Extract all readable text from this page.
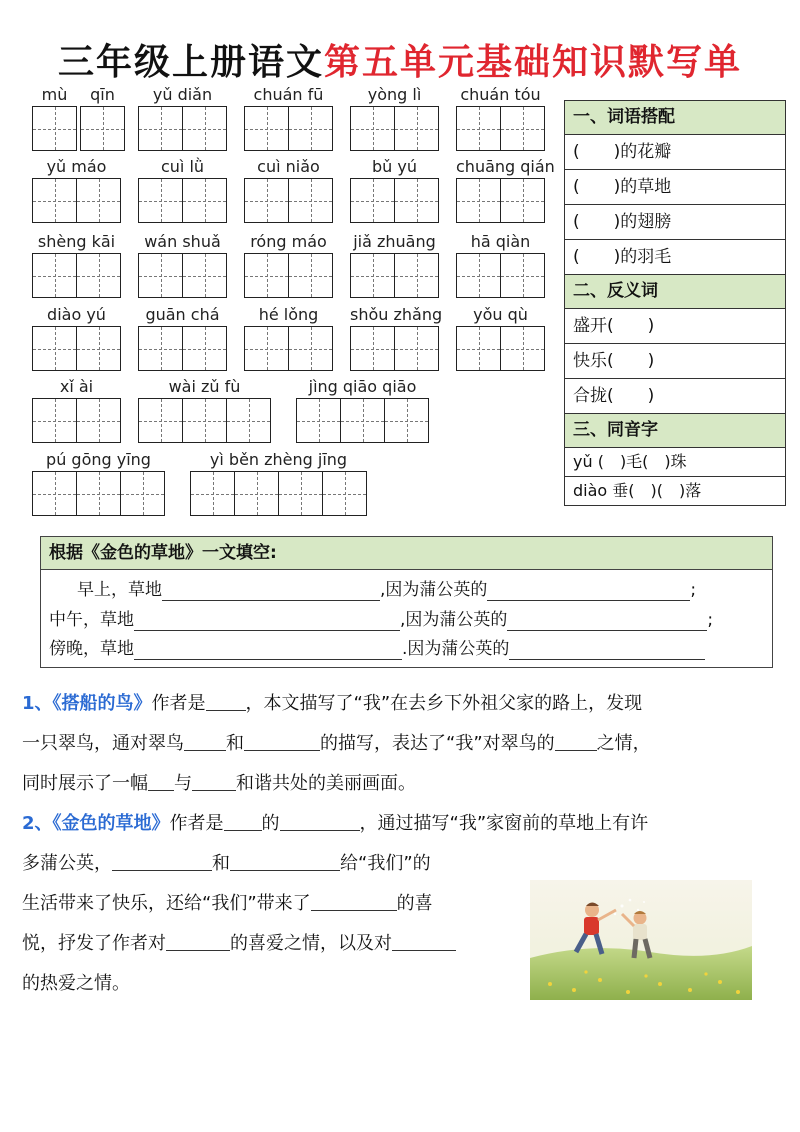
三年级上册语文第五单元基础知识默写单
mù	qīn	yǔ diǎn	chuán fū	yòng lì	chuán tóu
yǔ máo	cuì lǜ	cuì niǎo	bǔ yú	chuāng qián
shèng kāi	wán shuǎ	róng máo	jiǎ zhuāng	hā qiàn
diào yú	guān chá	hé lǒng	shǒu zhǎng	yǒu qù
xǐ ài	wài zǔ fù	jìng qiāo qiāo
pú gōng yīng	yì běn zhèng jīng
一、词语搭配
(　　)的花瓣
(　　)的草地
(　　)的翅膀
(　　)的羽毛
二、反义词
盛开(　　)
快乐(　　)
合拢(　　)
三、同音字
yǔ (　)毛(　)珠
diào 垂(　)(　)落
根据《金色的草地》一文填空:
早上，草地	,因为蒲公英的	;
中午，草地	,因为蒲公英的	;
傍晚，草地	.因为蒲公英的
1、《搭船的鸟》作者是 ，本文描写了“我”在去乡下外祖父家的路上，发现
一只翠鸟，通对翠鸟 和	的描写，表达了“我”对翠鸟的 之情，
同时展示了一幅 与 和谐共处的美丽画面。
2、《金色的草地》作者是 的	，通过描写“我”家窗前的草地上有许
多蒲公英，	和	给“我们”的
生活带来了快乐，还给“我们”带来了	的喜
悦，抒发了作者对	的喜爱之情，以及对
的热爱之情。
